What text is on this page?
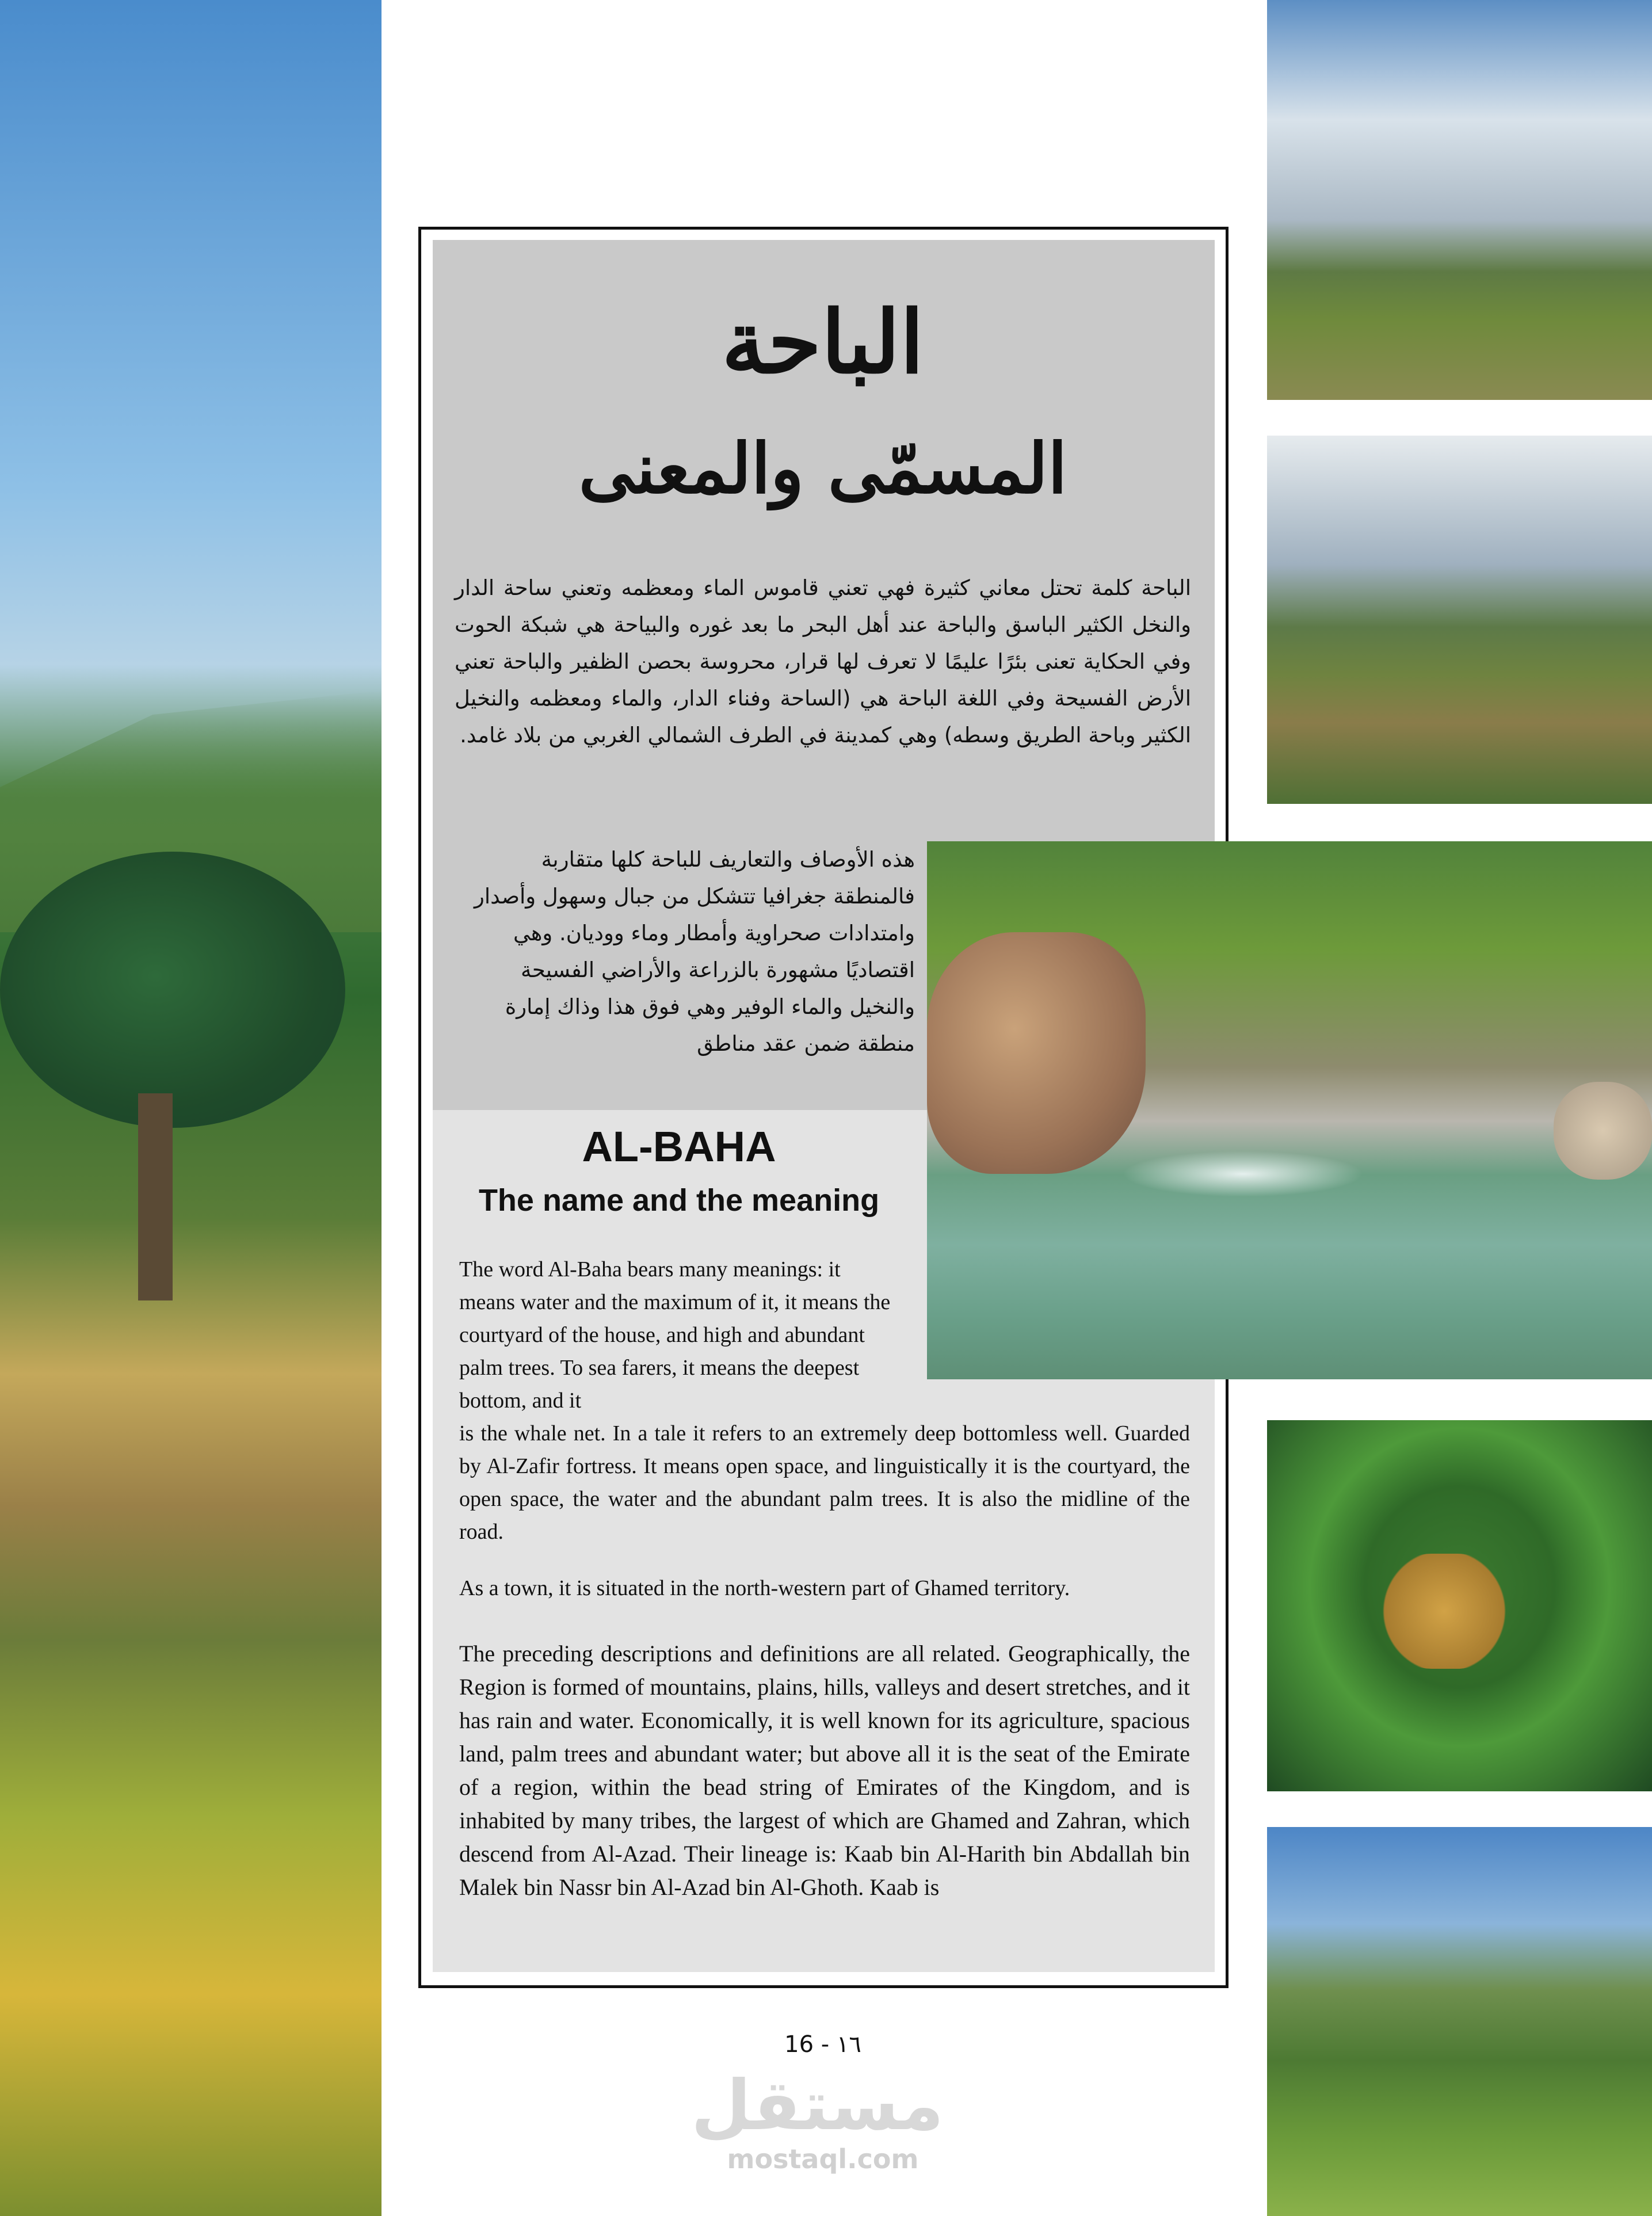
الباحة
المسمّى والمعنى
الباحة كلمة تحتل معاني كثيرة فهي تعني قاموس الماء ومعظمه وتعني ساحة الدار والنخل الكثير الباسق والباحة عند أهل البحر ما بعد غوره والبياحة هي شبكة الحوت وفي الحكاية تعنى بئرًا عليمًا لا تعرف لها قرار، محروسة بحصن الظفير والباحة تعني الأرض الفسيحة وفي اللغة الباحة هي (الساحة وفناء الدار، والماء ومعظمه والنخيل الكثير وباحة الطريق وسطه) وهي كمدينة في الطرف الشمالي الغربي من بلاد غامد.
هذه الأوصاف والتعاريف للباحة كلها متقاربة فالمنطقة جغرافيا تتشكل من جبال وسهول وأصدار وامتدادات صحراوية وأمطار وماء ووديان. وهي اقتصاديًا مشهورة بالزراعة والأراضي الفسيحة والنخيل والماء الوفير وهي فوق هذا وذاك إمارة منطقة ضمن عقد مناطق
AL-BAHA
The name and the meaning
The word Al-Baha bears many meanings: it means water and the maximum of it, it means the courtyard of the house, and high and abundant palm trees. To sea farers, it means the deepest bottom, and it
is the whale net. In a tale it refers to an extremely deep bottomless well. Guarded by Al-Zafir fortress. It means open space, and linguistically it is the courtyard, the open space, the water and the abundant palm trees. It is also the midline of the road.
As a town, it is situated in the north-western part of Ghamed territory.
The preceding descriptions and definitions are all related. Geographically, the Region is formed of mountains, plains, hills, valleys and desert stretches, and it has rain and water. Economically, it is well known for its agriculture, spacious land, palm trees and abundant water; but above all it is the seat of the Emirate of a region, within the bead string of Emirates of the Kingdom, and is inhabited by many tribes, the largest of which are Ghamed and Zahran, which descend from Al-Azad. Their lineage is: Kaab bin Al-Harith bin Abdallah bin Malek bin Nassr bin Al-Azad bin Al-Ghoth. Kaab is
16 - ١٦
مستقل
mostaql.com
